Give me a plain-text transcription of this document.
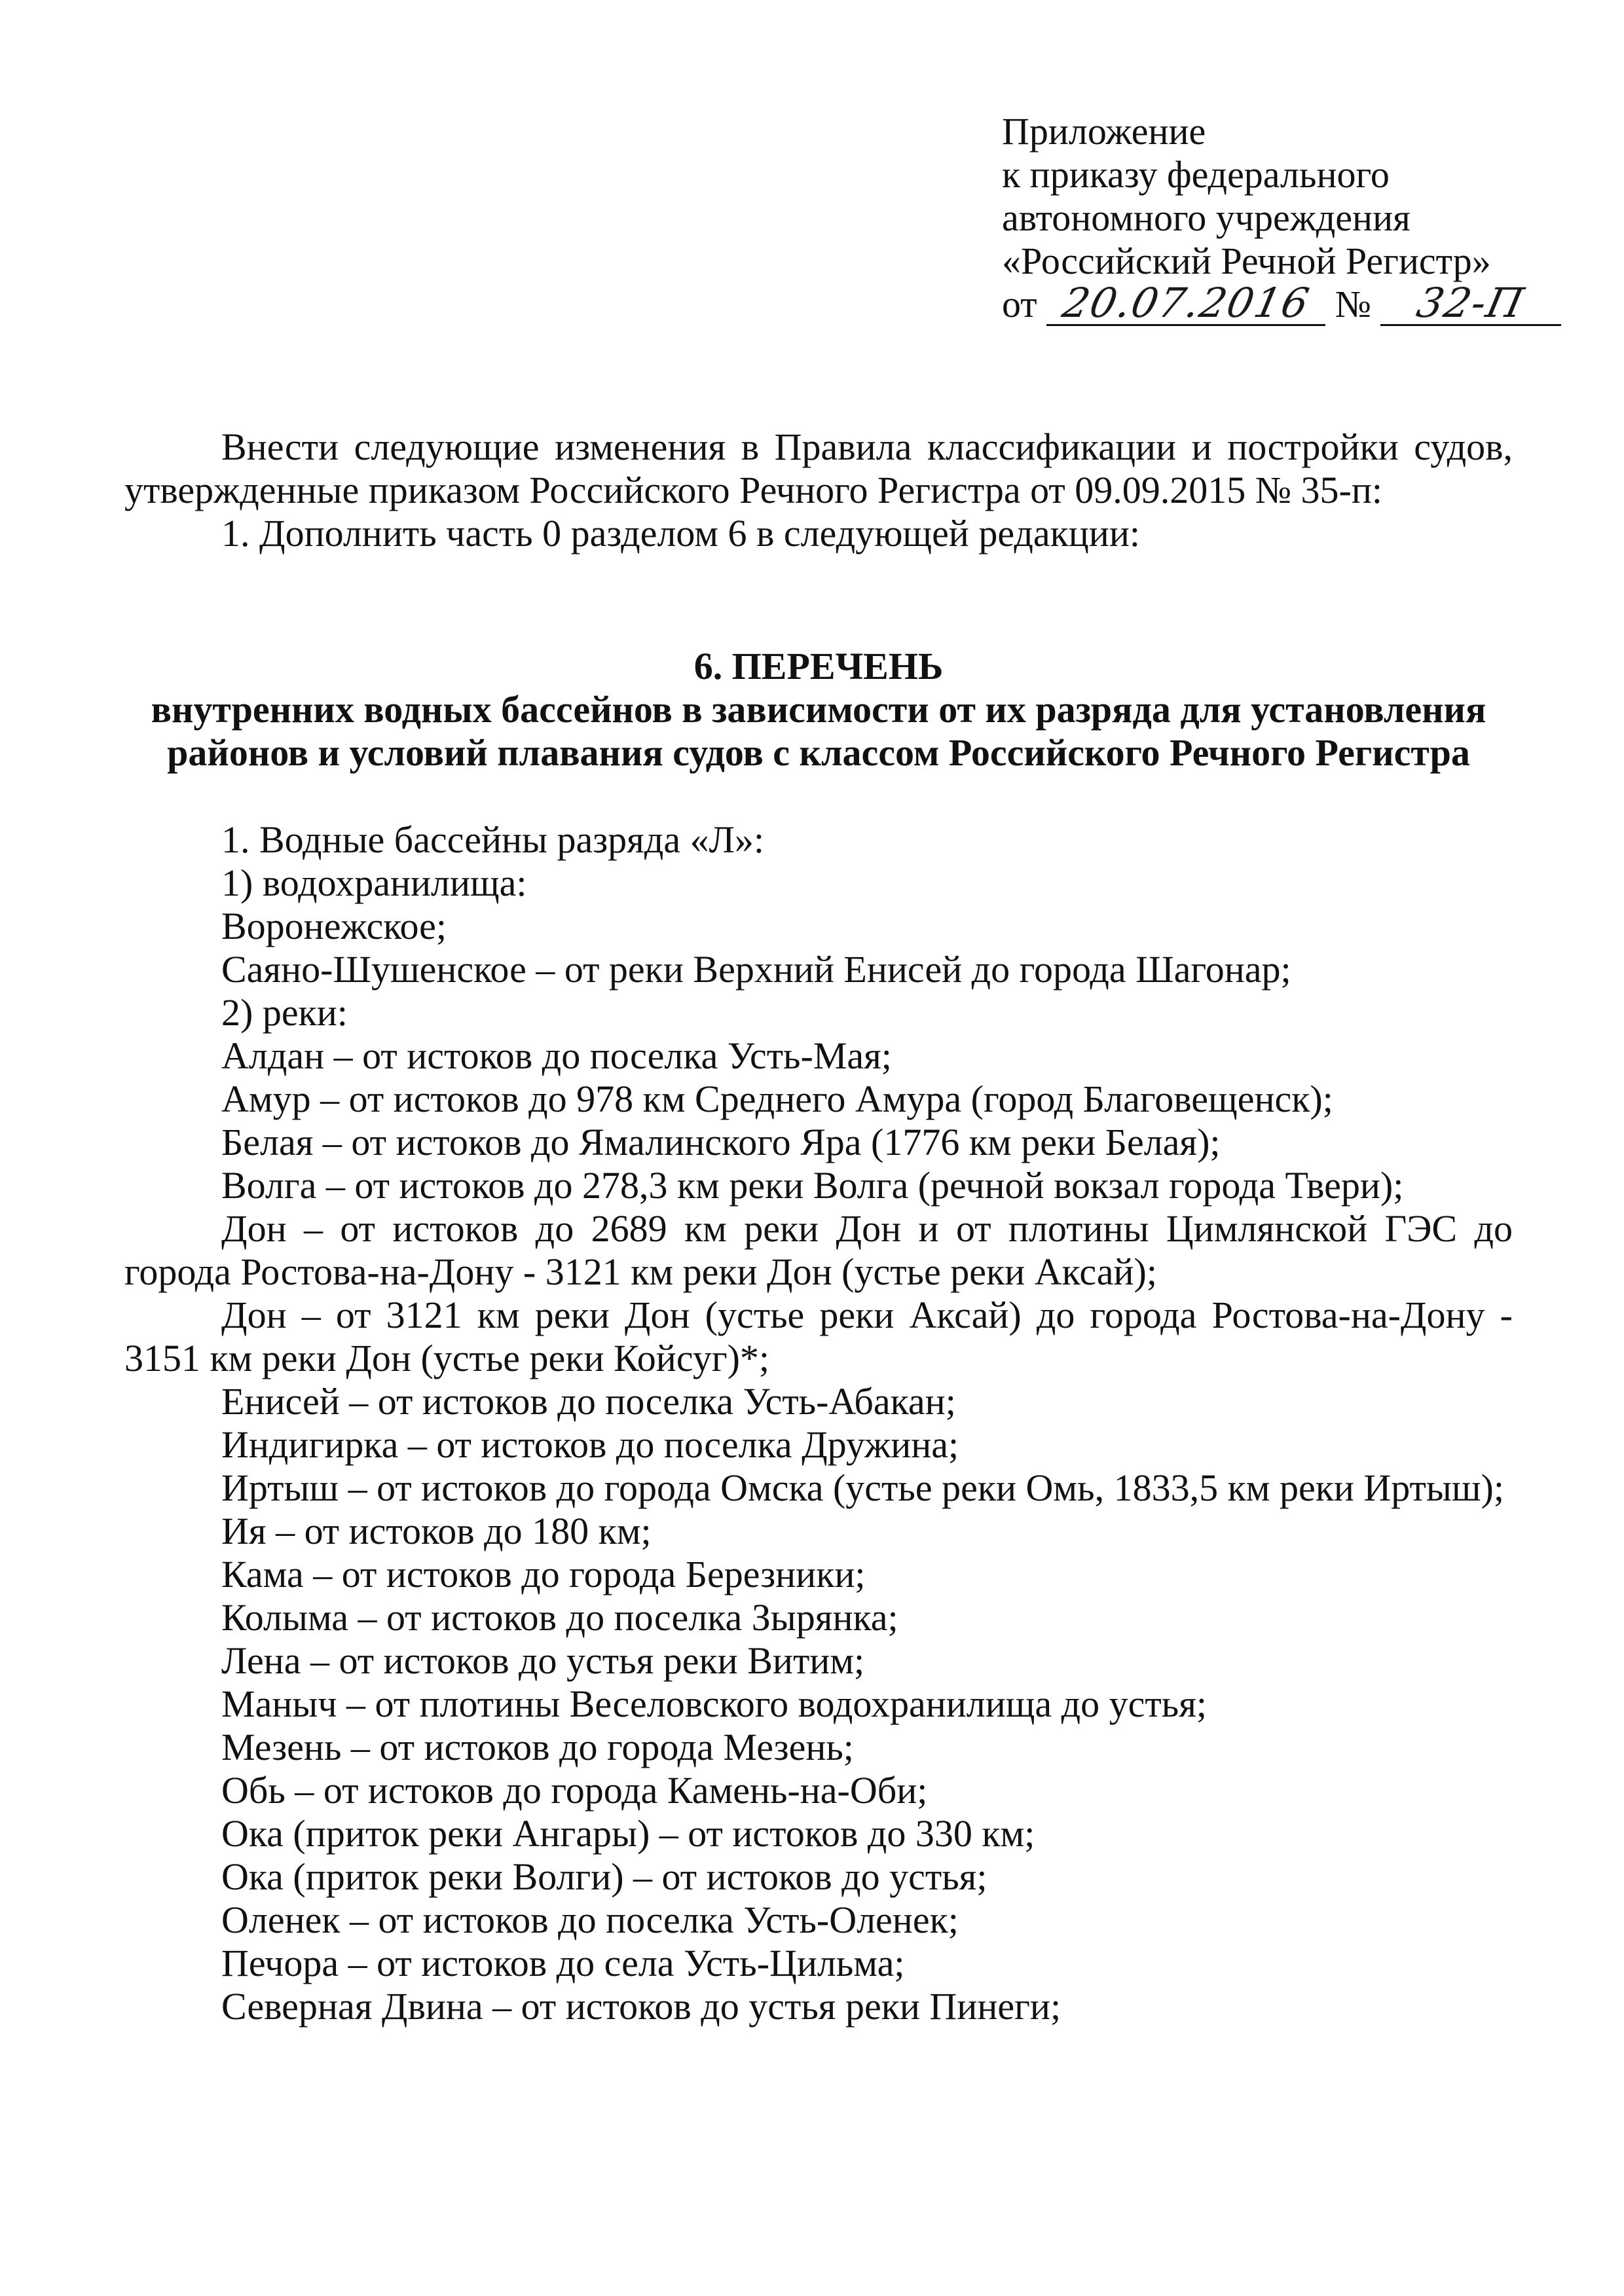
Приложение
к приказу федерального
автономного учреждения
«Российский Речной Регистр»
от 20.07.2016 № 32-П

Внести следующие изменения в Правила классификации и постройки судов, утвержденные приказом Российского Речного Регистра от 09.09.2015 № 35-п:

1. Дополнить часть 0 разделом 6 в следующей редакции:

6. ПЕРЕЧЕНЬ
внутренних водных бассейнов в зависимости от их разряда для установления
районов и условий плавания судов с классом Российского Речного Регистра

1. Водные бассейны разряда «Л»:

1) водохранилища:

Воронежское;

Саяно-Шушенское – от реки Верхний Енисей до города Шагонар;

2) реки:

Алдан – от истоков до поселка Усть-Мая;

Амур – от истоков до 978 км Среднего Амура (город Благовещенск);

Белая – от истоков до Ямалинского Яра (1776 км реки Белая);

Волга – от истоков до 278,3 км реки Волга (речной вокзал города Твери);

Дон – от истоков до 2689 км реки Дон и от плотины Цимлянской ГЭС до города Ростова-на-Дону - 3121 км реки Дон (устье реки Аксай);

Дон – от 3121 км реки Дон (устье реки Аксай) до города Ростова-на-Дону - 3151 км реки Дон (устье реки Койсуг)*;

Енисей – от истоков до поселка Усть-Абакан;

Индигирка – от истоков до поселка Дружина;

Иртыш – от истоков до города Омска (устье реки Омь, 1833,5 км реки Иртыш);

Ия – от истоков до 180 км;

Кама – от истоков до города Березники;

Колыма – от истоков до поселка Зырянка;

Лена – от истоков до устья реки Витим;

Маныч – от плотины Веселовского водохранилища до устья;

Мезень – от истоков до города Мезень;

Обь – от истоков до города Камень-на-Оби;

Ока (приток реки Ангары) – от истоков до 330 км;

Ока (приток реки Волги) – от истоков до устья;

Оленек – от истоков до поселка Усть-Оленек;

Печора – от истоков до села Усть-Цильма;

Северная Двина – от истоков до устья реки Пинеги;
